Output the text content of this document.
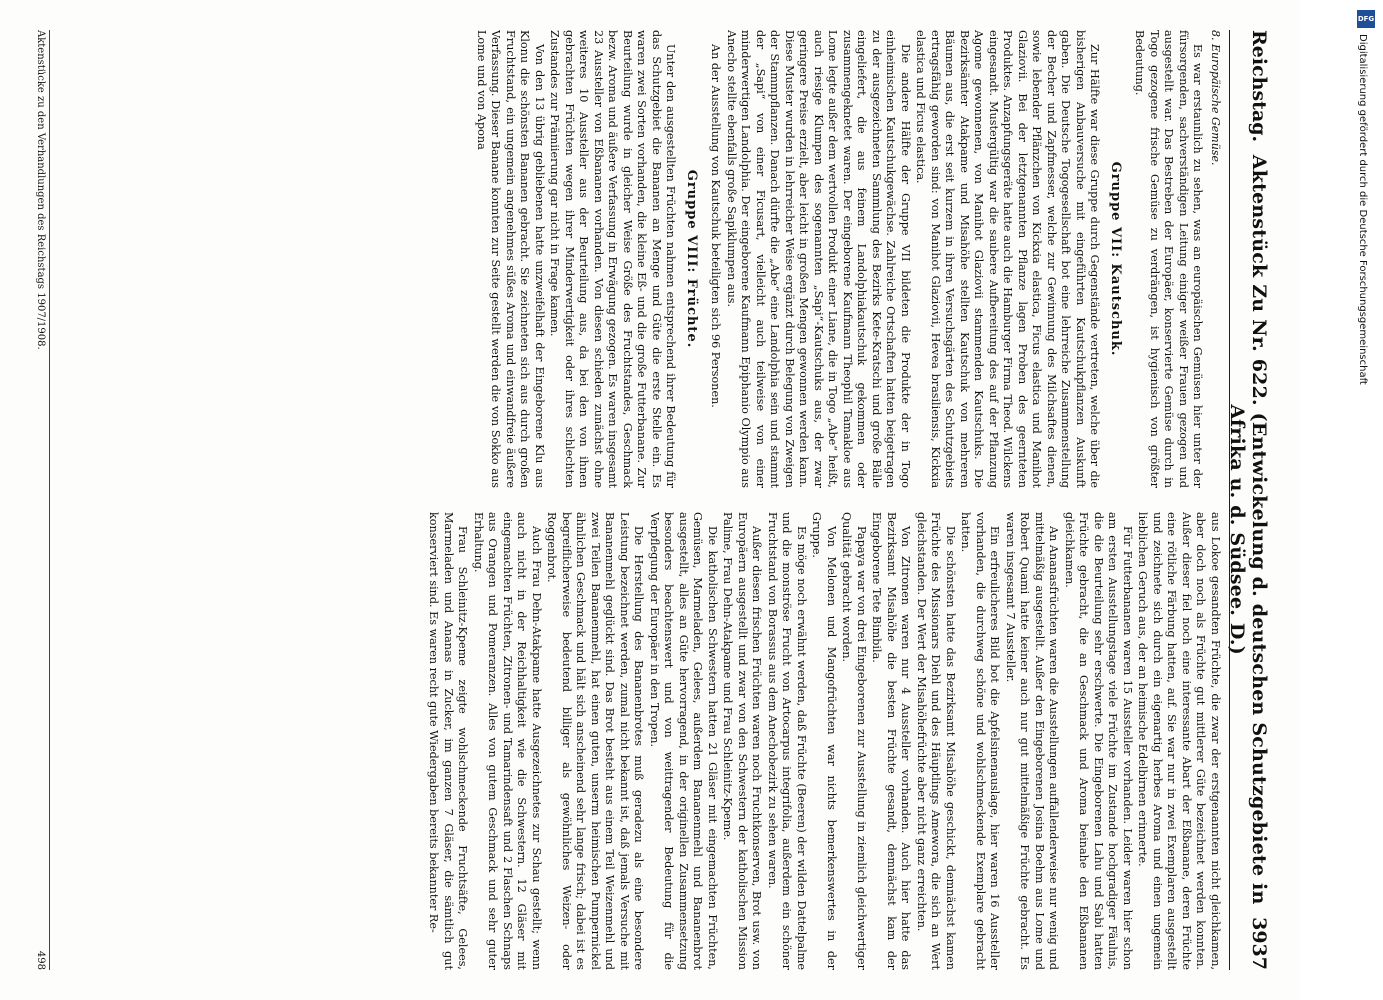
Reichstag.
Aktenstück Zu Nr. 622. (Entwickelung d. deutschen Schutzgebiete in Afrika u. d. Südsee. D.)
3937
8. Europäische Gemüse.

Es war erstaunlich zu sehen, was an europäischen Gemüsen hier unter der fürsorgenden, sachverständigen Leitung einiger weißer Frauen gezogen und ausgestellt war. Das Bestreben der Europäer, konservierte Gemüse durch in Togo gezogene frische Gemüse zu verdrängen, ist hygienisch von größter Bedeutung.

Gruppe VII: Kautschuk.

Zur Hälfte war diese Gruppe durch Gegenstände vertreten, welche über die bisherigen Anbauversuche mit eingeführten Kautschukpflanzen Auskunft gaben. Die Deutsche Togogesellschaft bot eine lehrreiche Zusammenstellung der Becher und Zapfmesser, welche zur Gewinnung des Milchsaftes dienen, sowie lebender Pflänzchen von Kickxia elastica, Ficus elastica und Manihot Glaziovii. Bei der letztgenannten Pflanze lagen Proben des geernteten Produktes. Anzapfungsgeräte hatte auch die Hamburger Firma Theod. Wilckens eingesandt. Mustergültig war die saubere Aufbereitung des auf der Pflanzung Agome gewonnenen, von Manihot Glaziovii stammenden Kautschuks. Die Bezirksämter Atakpame und Misahöhe stellten Kautschuk von mehreren Bäumen aus, die erst seit kurzem in ihren Versuchsgärten des Schutzgebiets ertragsfähig geworden sind: von Manihot Glaziovii, Hevea brasiliensis, Kickxia elastica und Ficus elastica.

Die andere Hälfte der Gruppe VII bildeten die Produkte der in Togo einheimischen Kautschukgewächse. Zahlreiche Ortschaften hatten beigetragen zu der ausgezeichneten Sammlung des Bezirks Kete-Kratschi und große Bälle eingeliefert, die aus feinem Landolphiakautschuk gekommen oder zusammengeknetet waren. Der eingeborene Kaufmann Theophil Tamakloe aus Lome legte außer dem wertvollen Produkt einer Liane, die in Togo „Abe“ heißt, auch riesige Klumpen des sogenannten „Sapi“-Kautschuks aus, der zwar geringere Preise erzielt, aber leicht in großen Mengen gewonnen werden kann. Diese Muster wurden in lehrreicher Weise ergänzt durch Belegung von Zweigen der Stammpflanzen. Danach dürfte die „Abe“ eine Landolphia sein und stammt der „Sapi“ von einer Ficusart, vielleicht auch teilweise von einer minderwertigen Landolphia. Der eingeborene Kaufmann Epiphanio Olympio aus Anecho stellte ebenfalls große Sapiklumpen aus.

An der Ausstellung von Kautschuk beteiligten sich 96 Personen.

Gruppe VIII: Früchte.

Unter den ausgestellten Früchten nahmen entsprechend ihrer Bedeutung für das Schutzgebiet die Bananen an Menge und Güte die erste Stelle ein. Es waren zwei Sorten vorhanden, die kleine Eß- und die große Futterbanane. Zur Beurteilung wurde in gleicher Weise Größe des Fruchtstandes, Geschmack bezw. Aroma und äußere Verfassung in Erwägung gezogen. Es waren insgesamt 23 Aussteller von Eßbananen vorhanden. Von diesen schieden zunächst ohne weiteres 10 Aussteller aus der Beurteilung aus, da bei den von ihnen gebrachten Früchten wegen ihrer Minderwertigkeit oder ihres schlechten Zustandes zur Prämiierung gar nicht in Frage kamen.

Von den 13 übrig gebliebenen hatte unzweifelhaft der Eingeborene Klu aus Klonu die schönsten Bananen gebracht. Sie zeichneten sich aus durch großen Fruchtstand, ein ungemein angenehmes süßes Aroma und einwandfreie äußere Verfassung. Dieser Banane konnten zur Seite gestellt werden die von Sokko aus Lome und von Apona

aus Lokoe gesandten Früchte, die zwar der erstgenannten nicht gleichkamen, aber doch noch als Früchte gut mittlerer Güte bezeichnet werden konnten. Außer dieser fiel noch eine interessante Abart der Eßbanane, deren Früchte eine rötliche Färbung hatten, auf. Sie war nur in zwei Exemplaren ausgestellt und zeichnete sich durch ein eigenartig herbes Aroma und einen ungemein lieblichen Geruch aus, der an heimische Edelbirnen erinnerte.

Für Futterbananen waren 15 Aussteller vorhanden. Leider waren hier schon am ersten Ausstellungstage viele Früchte im Zustande hochgradiger Fäulnis, die die Beurteilung sehr erschwerte. Die Eingeborenen Lahu und Sabi hatten Früchte gebracht, die an Geschmack und Aroma beinahe den Eßbananen gleichkamen.

An Ananasfrüchten waren die Ausstellungen auffallenderweise nur wenig und mittelmäßig ausgestellt. Außer den Eingeborenen Josina Boehm aus Lome und Robert Quami hatte keiner auch nur gut mittelmäßige Früchte gebracht. Es waren insgesamt 7 Aussteller.

Ein erfreulicheres Bild bot die Apfelsinenauslage, hier waren 16 Aussteller vorhanden, die durchweg schöne und wohlschmeckende Exemplare gebracht hatten.

Die schönsten hatte das Bezirksamt Misahöhe geschickt, demnächst kamen Früchte des Missionars Diehl und des Häuptlings Amewora, die sich an Wert gleichstanden. Der Wert der Misahöhefrüchte aber nicht ganz erreichten.

Von Zitronen waren nur 4 Aussteller vorhanden. Auch hier hatte das Bezirksamt Misahöhe die besten Früchte gesandt, demnächst kam der Eingeborene Tete Bimbila.

Papaya war von drei Eingeborenen zur Ausstellung in ziemlich gleichwertiger Qualität gebracht worden.

Von Melonen und Mangofrüchten war nichts bemerkenswertes in der Gruppe.

Es möge noch erwähnt werden, daß Früchte (Beeren) der wilden Dattelpalme und die monströse Frucht von Artocarpus integrifolia, außerdem ein schöner Fruchtstand von Borassus aus dem Anechobezirk zu sehen waren.

Außer diesen frischen Früchten waren noch Fruchtkonserven, Brot usw. von Europäern ausgestellt und zwar von den Schwestern der katholischen Mission Palime, Frau Dehn-Atakpame und Frau Schleinitz-Kpeme.

Die katholischen Schwestern hatten 21 Gläser mit eingemachten Früchten, Gemüsen, Marmeladen, Gelees, außerdem Bananenmehl und Bananenbrot ausgestellt, alles an Güte hervorragend, in der originellen Zusammensetzung besonders beachtenswert und von weittragender Bedeutung für die Verpflegung der Europäer in den Tropen.

Die Herstellung des Bananenbrotes muß geradezu als eine besondere Leistung bezeichnet werden, zumal nicht bekannt ist, daß jemals Versuche mit Bananenmehl geglückt sind. Das Brot besteht aus einem Teil Weizenmehl und zwei Teilen Bananenmehl, hat einen guten, unserm heimischen Pumpernickel ähnlichen Geschmack und hält sich anscheinend sehr lange frisch; dabei ist es begreiflicherweise bedeutend billiger als gewöhnliches Weizen- oder Roggenbrot.

Auch Frau Dehn-Atakpame hatte Ausgezeichnetes zur Schau gestellt; wenn auch nicht in der Reichhaltigkeit wie die Schwestern. 12 Gläser mit eingemachten Früchten, Zitronen- und Tamarindensaft und 2 Flaschen Schnaps aus Orangen und Pomeranzen. Alles von gutem Geschmack und sehr guter Erhaltung.

Frau Schleinitz-Kpeme zeigte wohlschmeckende Fruchtsäfte, Gelees, Marmeladen und Ananas in Zucker, im ganzen 7 Gläser, die sämtlich gut konserviert sind. Es waren recht gute Wiedergaben bereits bekannter Re-

Aktenstücke zu den Verhandlungen des Reichstags 1907/1908.
498
DFG
Digitalisierung gefördert durch die Deutsche Forschungsgemeinschaft
